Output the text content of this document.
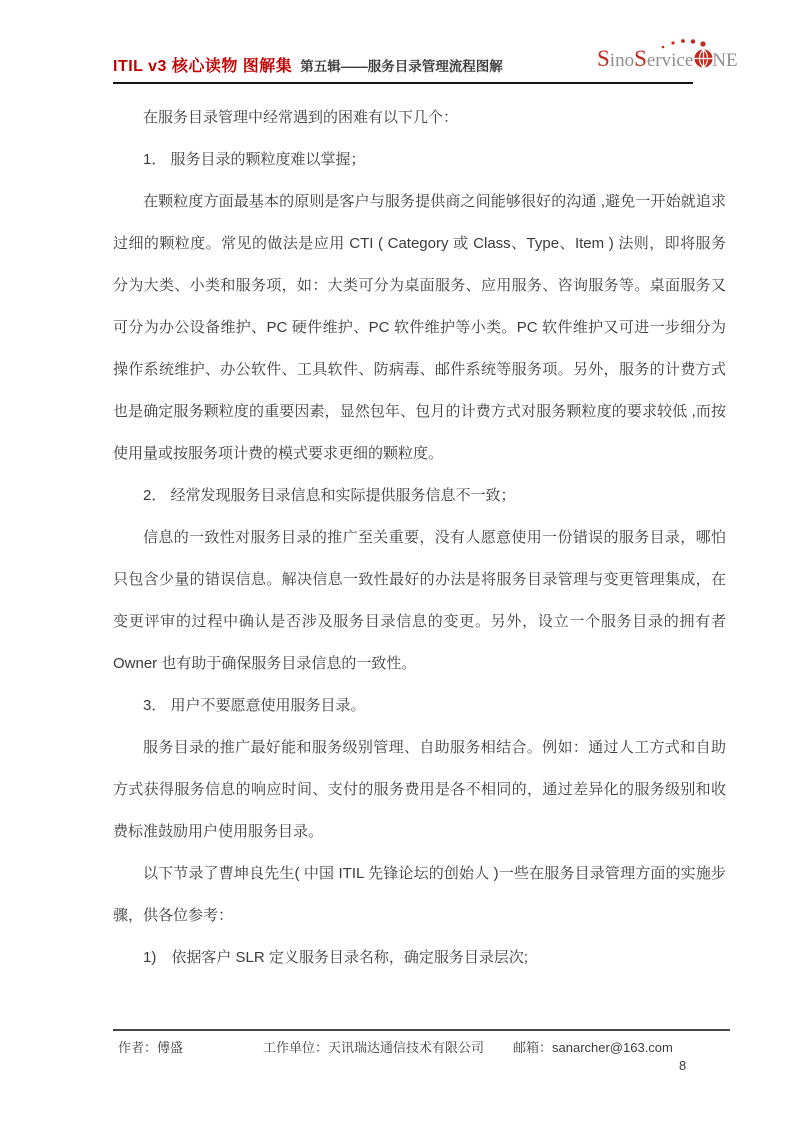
ITIL v3 核心读物 图解集 第五辑——服务目录管理流程图解	SinoService NE

在服务目录管理中经常遇到的困难有以下几个：

1． 服务目录的颗粒度难以掌握；

在颗粒度方面最基本的原则是客户与服务提供商之间能够很好的沟通 ,避免一开始就追求过细的颗粒度。常见的做法是应用 CTI ( Category 或 Class、Type、Item ) 法则，即将服务分为大类、小类和服务项，如：大类可分为桌面服务、应用服务、咨询服务等。桌面服务又可分为办公设备维护、PC 硬件维护、PC 软件维护等小类。PC 软件维护又可进一步细分为操作系统维护、办公软件、工具软件、防病毒、邮件系统等服务项。另外，服务的计费方式也是确定服务颗粒度的重要因素，显然包年、包月的计费方式对服务颗粒度的要求较低 ,而按使用量或按服务项计费的模式要求更细的颗粒度。

2． 经常发现服务目录信息和实际提供服务信息不一致；

信息的一致性对服务目录的推广至关重要，没有人愿意使用一份错误的服务目录，哪怕只包含少量的错误信息。解决信息一致性最好的办法是将服务目录管理与变更管理集成，在变更评审的过程中确认是否涉及服务目录信息的变更。另外，设立一个服务目录的拥有者 Owner 也有助于确保服务目录信息的一致性。

3． 用户不要愿意使用服务目录。

服务目录的推广最好能和服务级别管理、自助服务相结合。例如：通过人工方式和自助方式获得服务信息的响应时间、支付的服务费用是各不相同的，通过差异化的服务级别和收费标准鼓励用户使用服务目录。

以下节录了曹坤良先生( 中国 ITIL 先锋论坛的创始人 )一些在服务目录管理方面的实施步骤，供各位参考：

1)　依据客户 SLR 定义服务目录名称，确定服务目录层次;

作者：傅盛	工作单位：天讯瑞达通信技术有限公司 邮箱：sanarcher@163.com
8
